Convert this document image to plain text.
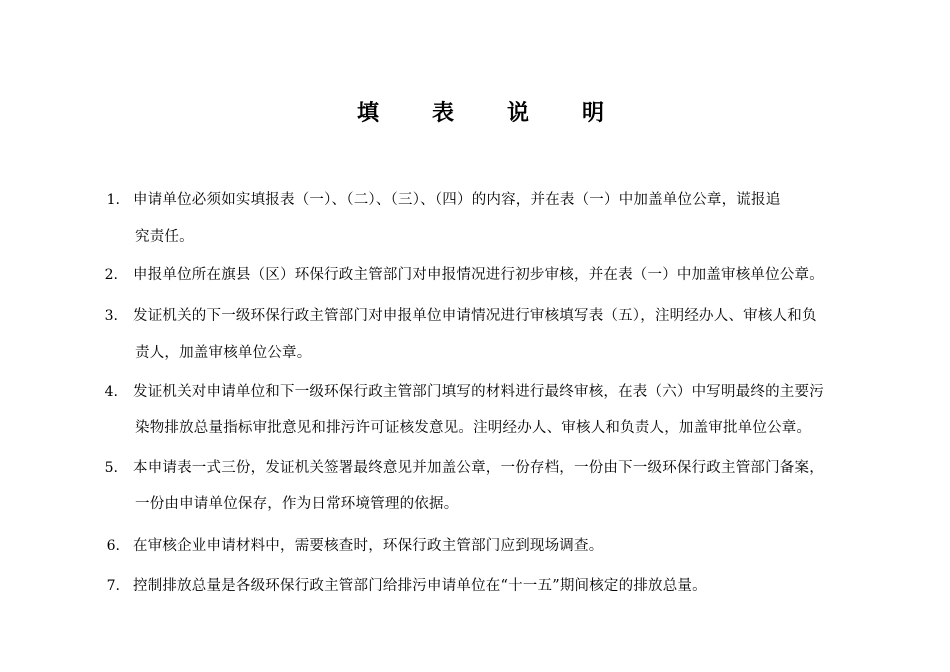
填 表 说 明
1. 申请单位必须如实填报表（一）、（二）、（三）、（四）的内容，并在表（一）中加盖单位公章，谎报追
究责任。
2. 申报单位所在旗县（区）环保行政主管部门对申报情况进行初步审核，并在表（一）中加盖审核单位公章。
3. 发证机关的下一级环保行政主管部门对申报单位申请情况进行审核填写表（五），注明经办人、审核人和负
责人，加盖审核单位公章。
4. 发证机关对申请单位和下一级环保行政主管部门填写的材料进行最终审核，在表（六）中写明最终的主要污
染物排放总量指标审批意见和排污许可证核发意见。注明经办人、审核人和负责人，加盖审批单位公章。
5. 本申请表一式三份，发证机关签署最终意见并加盖公章，一份存档，一份由下一级环保行政主管部门备案，
一份由申请单位保存，作为日常环境管理的依据。
6. 在审核企业申请材料中，需要核查时，环保行政主管部门应到现场调查。
7. 控制排放总量是各级环保行政主管部门给排污申请单位在“十一五”期间核定的排放总量。
